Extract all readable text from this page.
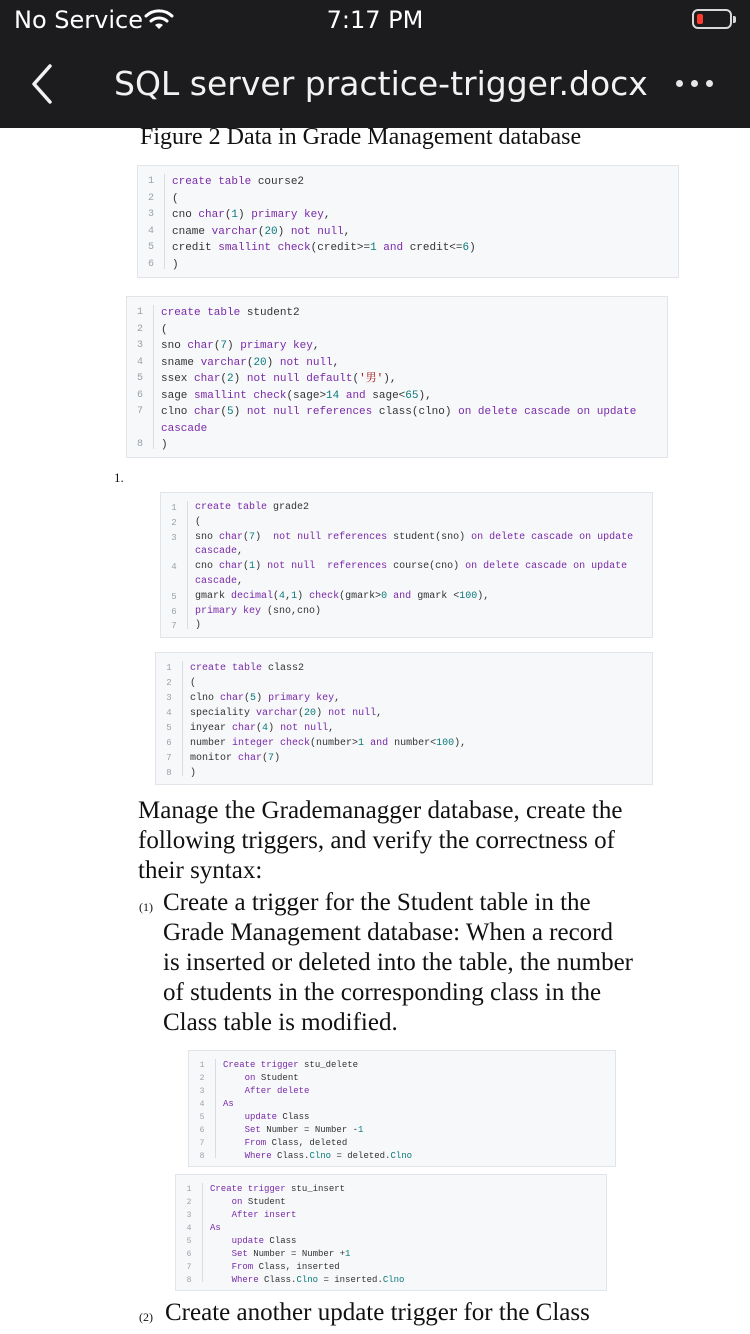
No Service	7:17 PM
SQL server practice-trigger.docx
Figure 2 Data in Grade Management database
1	create table course2
2	(
3	cno char(1) primary key,
4	cname varchar(20) not null,
5	credit smallint check(credit>=1 and credit<=6)
6	)
1	create table student2
2	(
3	sno char(7) primary key,
4	sname varchar(20) not null,
5	ssex char(2) not null default('男'),
6	sage smallint check(sage>14 and sage<65),
7	clno char(5) not null references class(clno) on delete cascade on update
cascade
8	)
1.
1	create table grade2
2	(
3	sno char(7)  not null references student(sno) on delete cascade on update
cascade,
4	cno char(1) not null references course(cno) on delete cascade on update
cascade,
5	gmark decimal(4,1) check(gmark>0 and gmark <100),
6	primary key (sno,cno)
7	)
1	create table class2
2	(
3	clno char(5) primary key,
4	speciality varchar(20) not null,
5	inyear char(4) not null,
6	number integer check(number>1 and number<100),
7	monitor char(7)
8	)
Manage the Grademanagger database, create the
following triggers, and verify the correctness of
their syntax:
(1) Create a trigger for the Student table in the
Grade Management database: When a record
is inserted or deleted into the table, the number
of students in the corresponding class in the
Class table is modified.
1	Create trigger stu_delete
2	on Student
3	After delete
4	As
5	update Class
6	Set Number = Number -1
7	From Class, deleted
8	Where Class.Clno = deleted.Clno
1	Create trigger stu_insert
2	on Student
3	After insert
4	As
5	update Class
6	Set Number = Number +1
7	From Class, inserted
8	Where Class.Clno = inserted.Clno
(2) Create another update trigger for the Class
